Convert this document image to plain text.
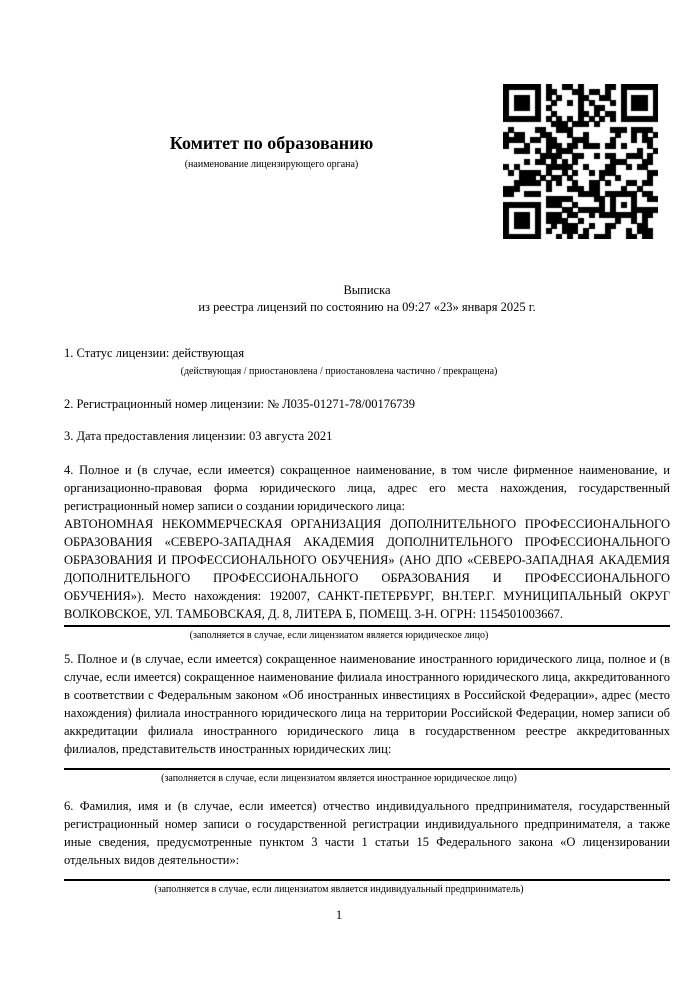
Комитет по образованию
(наименование лицензирующего органа)
Выписка
из реестра лицензий по состоянию на 09:27 «23» января 2025 г.

1. Статус лицензии: действующая

(действующая / приостановлена / приостановлена частично / прекращена)

2. Регистрационный номер лицензии: № Л035-01271-78/00176739

3. Дата предоставления лицензии: 03 августа 2021

4. Полное и (в случае, если имеется) сокращенное наименование, в том числе фирменное наименование, и организационно-правовая форма юридического лица, адрес его места нахождения, государственный регистрационный номер записи о создании юридического лица:

АВТОНОМНАЯ НЕКОММЕРЧЕСКАЯ ОРГАНИЗАЦИЯ ДОПОЛНИТЕЛЬНОГО ПРОФЕССИОНАЛЬНОГО ОБРАЗОВАНИЯ «СЕВЕРО-ЗАПАДНАЯ АКАДЕМИЯ ДОПОЛНИТЕЛЬНОГО ПРОФЕССИОНАЛЬНОГО ОБРАЗОВАНИЯ И ПРОФЕССИОНАЛЬНОГО ОБУЧЕНИЯ» (АНО ДПО «СЕВЕРО-ЗАПАДНАЯ АКАДЕМИЯ ДОПОЛНИТЕЛЬНОГО ПРОФЕССИОНАЛЬНОГО ОБРАЗОВАНИЯ И ПРОФЕССИОНАЛЬНОГО ОБУЧЕНИЯ»). Место нахождения: 192007, САНКТ-ПЕТЕРБУРГ, ВН.ТЕР.Г. МУНИЦИПАЛЬНЫЙ ОКРУГ ВОЛКОВСКОЕ, УЛ. ТАМБОВСКАЯ, Д. 8, ЛИТЕРА Б, ПОМЕЩ. 3-Н. ОГРН: 1154501003667.

(заполняется в случае, если лицензиатом является юридическое лицо)

5. Полное и (в случае, если имеется) сокращенное наименование иностранного юридического лица, полное и (в случае, если имеется) сокращенное наименование филиала иностранного юридического лица, аккредитованного в соответствии с Федеральным законом «Об иностранных инвестициях в Российской Федерации», адрес (место нахождения) филиала иностранного юридического лица на территории Российской Федерации, номер записи об аккредитации филиала иностранного юридического лица в государственном реестре аккредитованных филиалов, представительств иностранных юридических лиц:

(заполняется в случае, если лицензиатом является иностранное юридическое лицо)

6. Фамилия, имя и (в случае, если имеется) отчество индивидуального предпринимателя, государственный регистрационный номер записи о государственной регистрации индивидуального предпринимателя, а также иные сведения, предусмотренные пунктом 3 части 1 статьи 15 Федерального закона «О лицензировании отдельных видов деятельности»:

(заполняется в случае, если лицензиатом является индивидуальный предприниматель)

1
